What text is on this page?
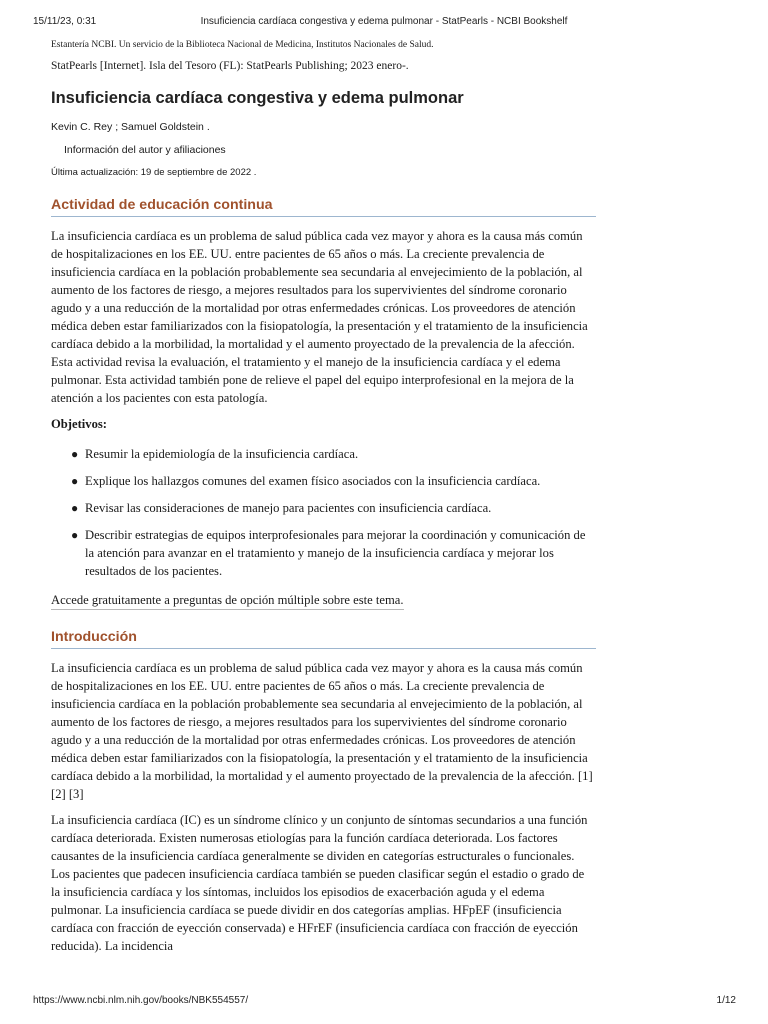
15/11/23, 0:31	Insuficiencia cardíaca congestiva y edema pulmonar - StatPearls - NCBI Bookshelf
Estantería NCBI. Un servicio de la Biblioteca Nacional de Medicina, Institutos Nacionales de Salud.
StatPearls [Internet]. Isla del Tesoro (FL): StatPearls Publishing; 2023 enero-.
Insuficiencia cardíaca congestiva y edema pulmonar
Kevin C. Rey ; Samuel Goldstein .
Información del autor y afiliaciones
Última actualización: 19 de septiembre de 2022 .
Actividad de educación continua

La insuficiencia cardíaca es un problema de salud pública cada vez mayor y ahora es la causa más común de hospitalizaciones en los EE. UU. entre pacientes de 65 años o más. La creciente prevalencia de insuficiencia cardíaca en la población probablemente sea secundaria al envejecimiento de la población, al aumento de los factores de riesgo, a mejores resultados para los supervivientes del síndrome coronario agudo y a una reducción de la mortalidad por otras enfermedades crónicas. Los proveedores de atención médica deben estar familiarizados con la fisiopatología, la presentación y el tratamiento de la insuficiencia cardíaca debido a la morbilidad, la mortalidad y el aumento proyectado de la prevalencia de la afección. Esta actividad revisa la evaluación, el tratamiento y el manejo de la insuficiencia cardíaca y el edema pulmonar. Esta actividad también pone de relieve el papel del equipo interprofesional en la mejora de la atención a los pacientes con esta patología.

Objetivos:
● Resumir la epidemiología de la insuficiencia cardíaca.
● Explique los hallazgos comunes del examen físico asociados con la insuficiencia cardíaca.
● Revisar las consideraciones de manejo para pacientes con insuficiencia cardíaca.
● Describir estrategias de equipos interprofesionales para mejorar la coordinación y comunicación de la atención para avanzar en el tratamiento y manejo de la insuficiencia cardíaca y mejorar los resultados de los pacientes.
Accede gratuitamente a preguntas de opción múltiple sobre este tema.
Introducción

La insuficiencia cardíaca es un problema de salud pública cada vez mayor y ahora es la causa más común de hospitalizaciones en los EE. UU. entre pacientes de 65 años o más. La creciente prevalencia de insuficiencia cardíaca en la población probablemente sea secundaria al envejecimiento de la población, al aumento de los factores de riesgo, a mejores resultados para los supervivientes del síndrome coronario agudo y a una reducción de la mortalidad por otras enfermedades crónicas. Los proveedores de atención médica deben estar familiarizados con la fisiopatología, la presentación y el tratamiento de la insuficiencia cardíaca debido a la morbilidad, la mortalidad y el aumento proyectado de la prevalencia de la afección. [1] [2] [3]

La insuficiencia cardíaca (IC) es un síndrome clínico y un conjunto de síntomas secundarios a una función cardíaca deteriorada. Existen numerosas etiologías para la función cardíaca deteriorada. Los factores causantes de la insuficiencia cardíaca generalmente se dividen en categorías estructurales o funcionales. Los pacientes que padecen insuficiencia cardíaca también se pueden clasificar según el estadio o grado de la insuficiencia cardíaca y los síntomas, incluidos los episodios de exacerbación aguda y el edema pulmonar. La insuficiencia cardíaca se puede dividir en dos categorías amplias. HFpEF (insuficiencia cardíaca con fracción de eyección conservada) e HFrEF (insuficiencia cardíaca con fracción de eyección reducida). La incidencia

https://www.ncbi.nlm.nih.gov/books/NBK554557/	1/12
